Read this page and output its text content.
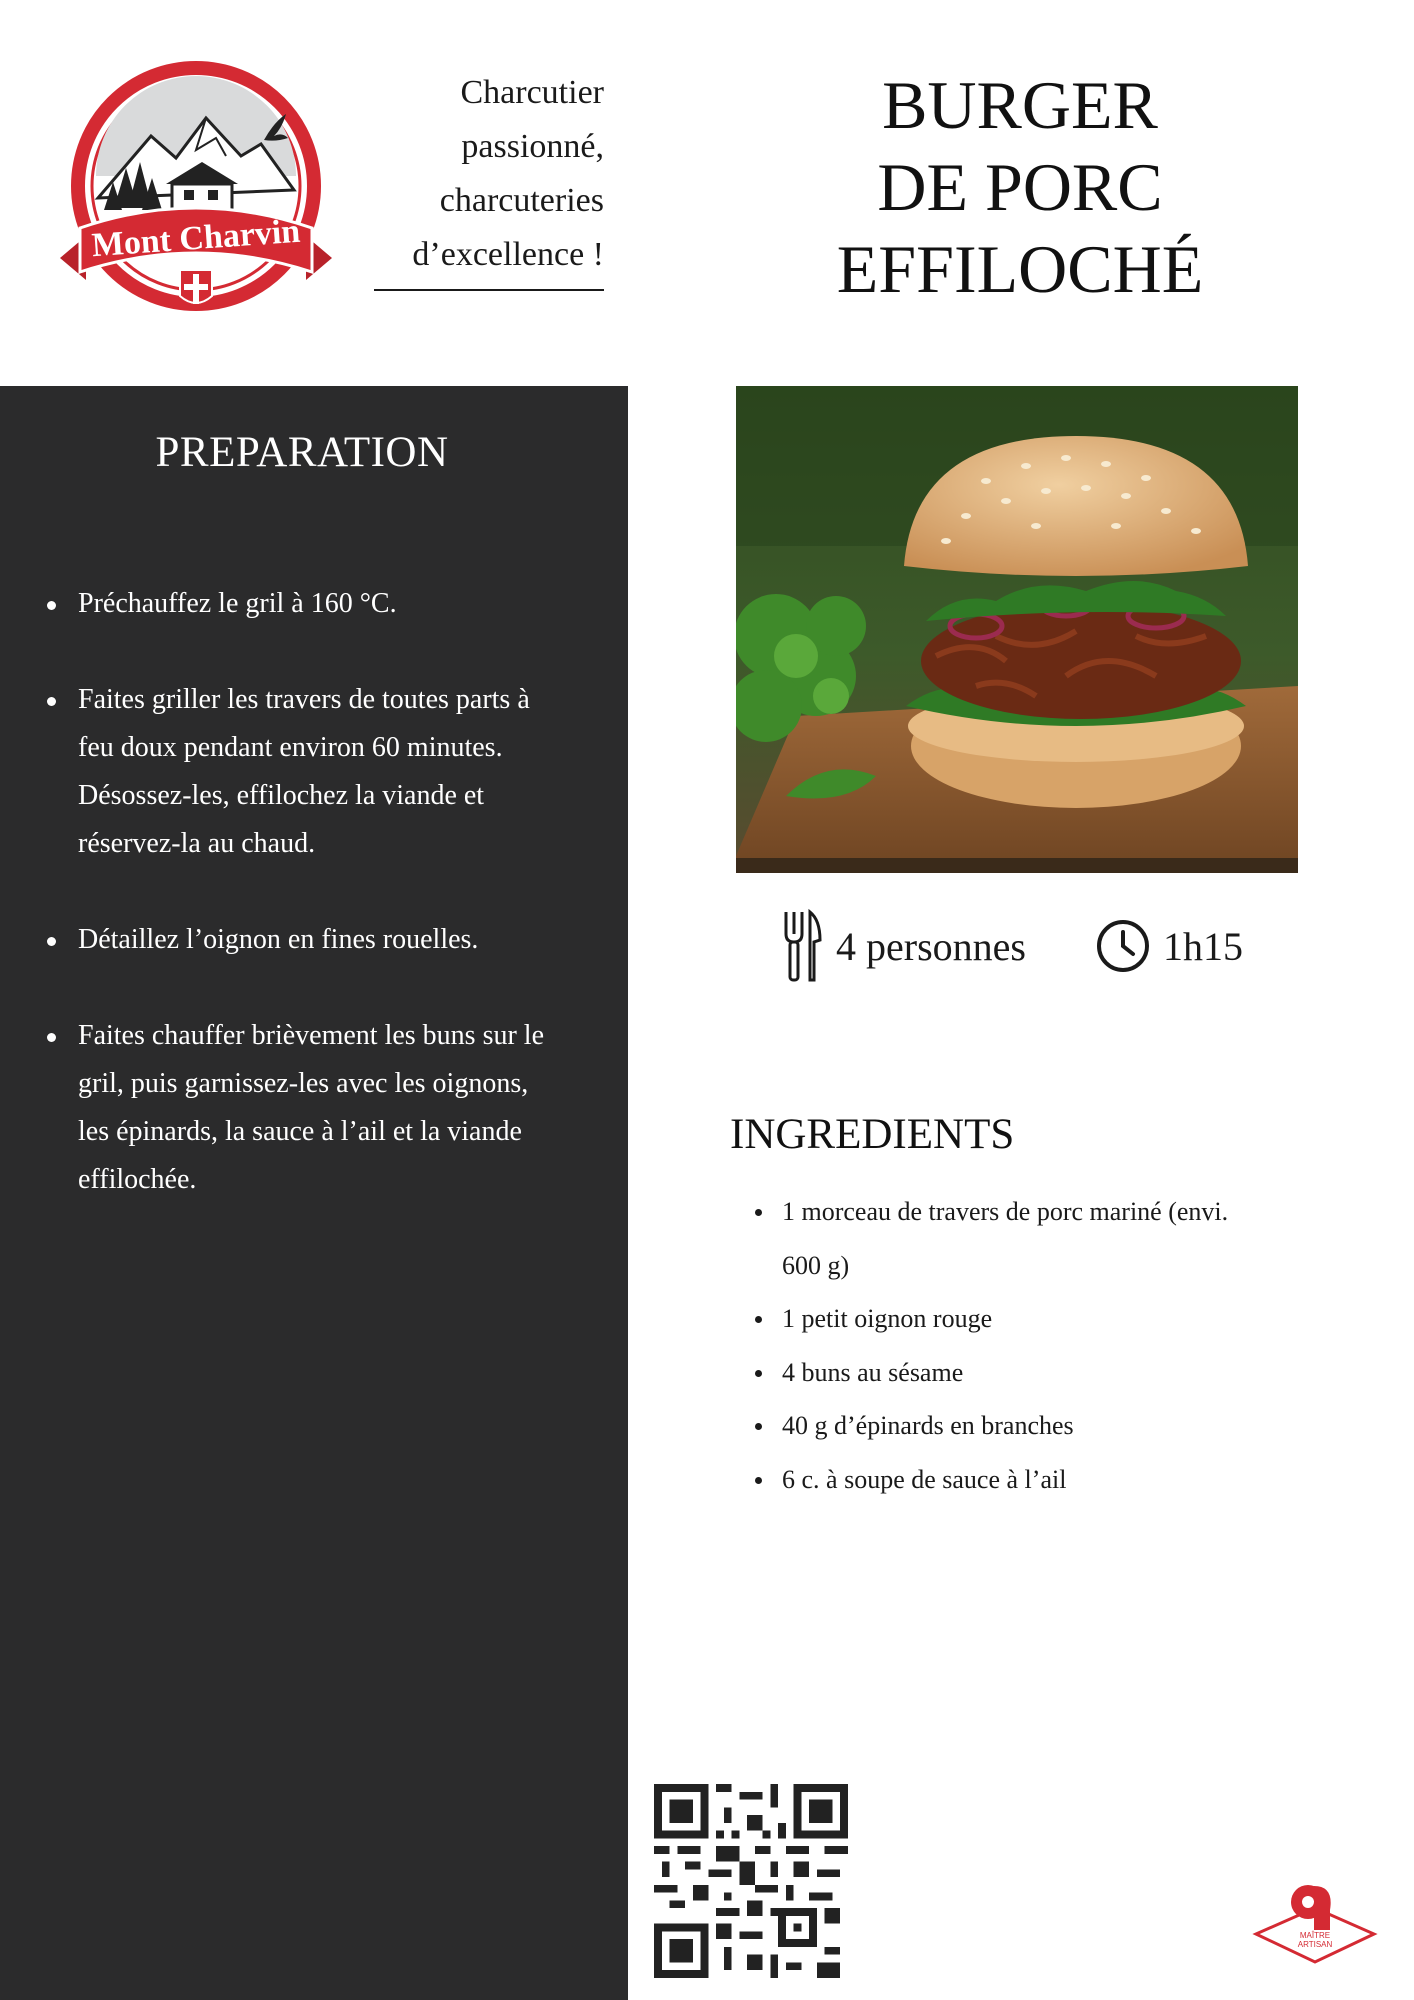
Mont Charvin
Charcutier
passionné,
charcuteries
d’excellence !
BURGER
DE PORC
EFFILOCHÉ
PREPARATION
Préchauffez le gril à 160 °C.
Faites griller les travers de toutes parts à feu doux pendant environ 60 minutes. Désossez-les, effilochez la viande et réservez-la au chaud.
Détaillez l’oignon en fines rouelles.
Faites chauffer brièvement les buns sur le gril, puis garnissez-les avec les oignons, les épinards, la sauce à l’ail et la viande effilochée.
4 personnes	1h15
INGREDIENTS
1 morceau de travers de porc mariné (envi. 600 g)
1 petit oignon rouge
4 buns au sésame
40 g d’épinards en branches
6 c. à soupe de sauce à l’ail
MAÎTRE
ARTISAN
